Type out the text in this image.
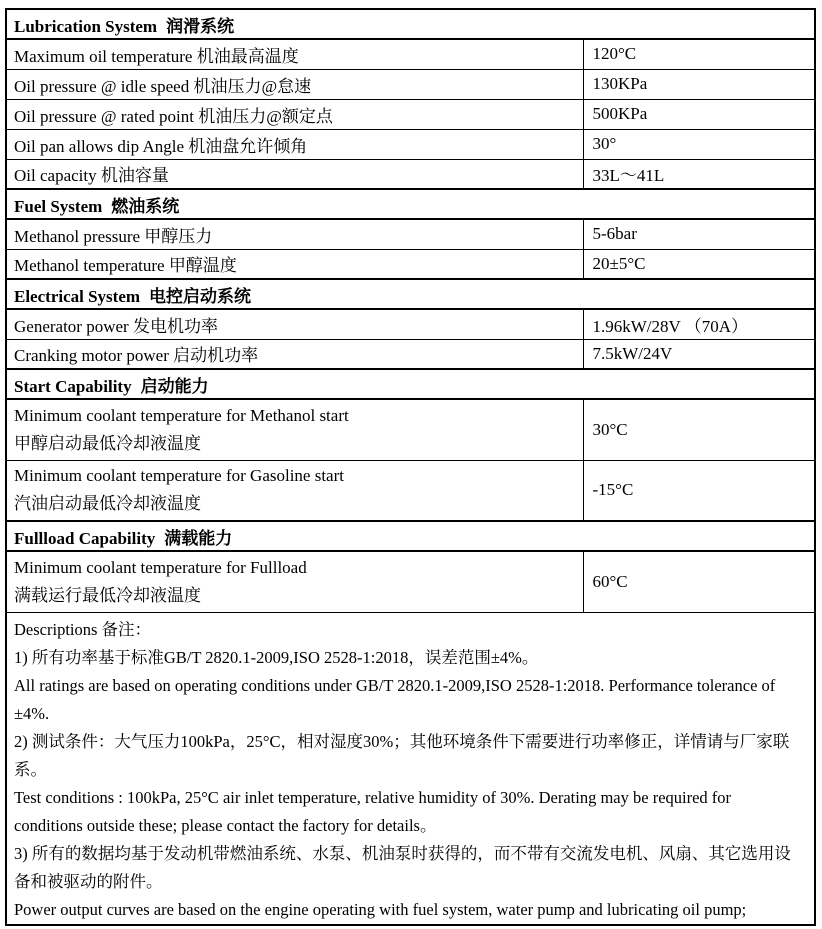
Lubrication System 润滑系统	
Maximum oil temperature 机油最高温度	120°C
Oil pressure @ idle speed 机油压力@怠速	130KPa
Oil pressure @ rated point 机油压力@额定点	500KPa
Oil pan allows dip Angle 机油盘允许倾角	30°
Oil capacity 机油容量	33L～41L
Fuel System 燃油系统	
Methanol pressure 甲醇压力	5-6bar
Methanol temperature 甲醇温度	20±5°C
Electrical System 电控启动系统	
Generator power 发电机功率	1.96kW/28V （70A）
Cranking motor power 启动机功率	7.5kW/24V
Start Capability 启动能力	

Minimum coolant temperature for Methanol start
甲醇启动最低冷却液温度	30°C

Minimum coolant temperature for Gasoline start
汽油启动最低冷却液温度	-15°C
Fullload Capability 满载能力	

Minimum coolant temperature for Fullload
满载运行最低冷却液温度	60°C

Descriptions 备注：

1) 所有功率基于标准GB/T 2820.1-2009,ISO 2528-1:2018，误差范围±4%。

All ratings are based on operating conditions under GB/T 2820.1-2009,ISO 2528-1:2018. Performance tolerance of ±4%.

2) 测试条件：大气压力100kPa，25°C，相对湿度30%；其他环境条件下需要进行功率修正，详情请与厂家联系。

Test conditions : 100kPa, 25°C air inlet temperature, relative humidity of 30%. Derating may be required for conditions outside these; please contact the factory for details。

3) 所有的数据均基于发动机带燃油系统、水泵、机油泵时获得的，而不带有交流发电机、风扇、其它选用设备和被驱动的附件。

Power output curves are based on the engine operating with fuel system, water pump and lubricating oil pump;
